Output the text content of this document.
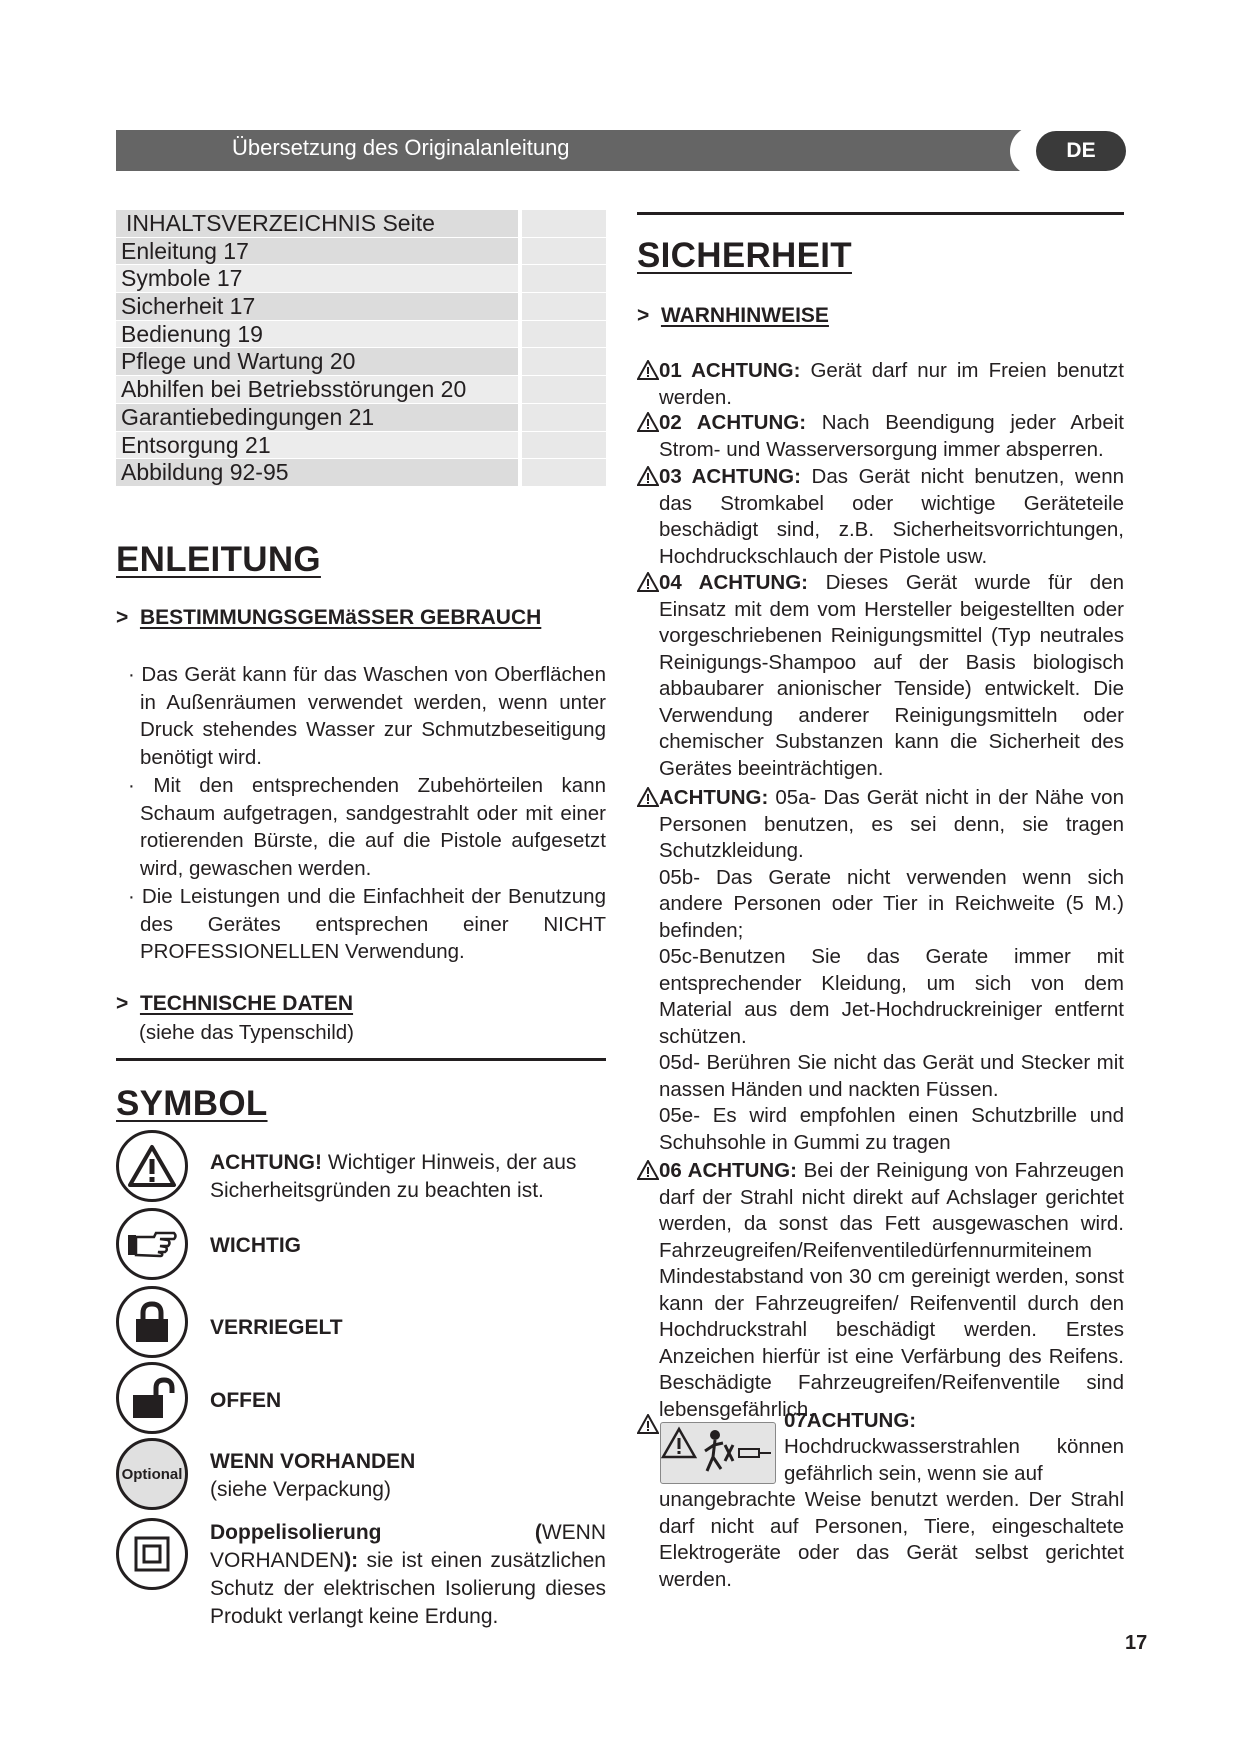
Übersetzung des Originalanleitung	DE
INHALTSVERZEICHNIS Seite
Enleitung 17
Symbole 17
Sicherheit 17
Bedienung 19
Pflege und Wartung 20
Abhilfen bei Betriebsstörungen 20
Garantiebedingungen 21
Entsorgung 21
Abbildung 92-95
ENLEITUNG
> BESTIMMUNGSGEMäSSER GEBRAUCH
· Das Gerät kann für das Waschen von Oberflächen in Außenräumen verwendet werden, wenn unter Druck stehendes Wasser zur Schmutzbeseitigung benötigt wird.
· Mit den entsprechenden Zubehörteilen kann Schaum aufgetragen, sandgestrahlt oder mit einer rotierenden Bürste, die auf die Pistole aufgesetzt wird, gewaschen werden.
· Die Leistungen und die Einfachheit der Benutzung des Gerätes entsprechen einer NICHT PROFESSIONELLEN Verwendung.
> TECHNISCHE DATEN
(siehe das Typenschild)
SYMBOL
ACHTUNG! Wichtiger Hinweis, der aus Sicherheitsgründen zu beachten ist.
WICHTIG
VERRIEGELT
OFFEN
Optional
WENN VORHANDEN
(siehe Verpackung)
Doppelisolierung (WENN VORHANDEN): sie ist einen zusätzlichen Schutz der elektrischen Isolierung dieses Produkt verlangt keine Erdung.
SICHERHEIT
> WARNHINWEISE
01 ACHTUNG: Gerät darf nur im Freien benutzt werden.
02 ACHTUNG: Nach Beendigung jeder Arbeit Strom- und Wasserversorgung immer absperren.
03 ACHTUNG: Das Gerät nicht benutzen, wenn das Stromkabel oder wichtige Geräteteile beschädigt sind, z.B. Sicherheitsvorrichtungen, Hochdruckschlauch der Pistole usw.
04 ACHTUNG: Dieses Gerät wurde für den Einsatz mit dem vom Hersteller beigestellten oder vorgeschriebenen Reinigungsmittel (Typ neutrales Reinigungs-Shampoo auf der Basis biologisch abbaubarer anionischer Tenside) entwickelt. Die Verwendung anderer Reinigungsmitteln oder chemischer Substanzen kann die Sicherheit des Gerätes beeinträchtigen.
ACHTUNG: 05a- Das Gerät nicht in der Nähe von Personen benutzen, es sei denn, sie tragen Schutzkleidung.
05b- Das Gerate nicht verwenden wenn sich andere Personen oder Tier in Reichweite (5 M.) befinden;
05c-Benutzen Sie das Gerate immer mit entsprechender Kleidung, um sich von dem Material aus dem Jet-Hochdruckreiniger entfernt schützen.
05d- Berühren Sie nicht das Gerät und Stecker mit nassen Händen und nackten Füssen.
05e- Es wird empfohlen einen Schutzbrille und Schuhsohle in Gummi zu tragen
06 ACHTUNG: Bei der Reinigung von Fahrzeugen darf der Strahl nicht direkt auf Achslager gerichtet werden, da sonst das Fett ausgewaschen wird. Fahrzeugreifen/Reifenventiledürfennurmiteinem Mindestabstand von 30 cm gereinigt werden, sonst kann der Fahrzeugreifen/ Reifenventil durch den Hochdruckstrahl beschädigt werden. Erstes Anzeichen hierfür ist eine Verfärbung des Reifens. Beschädigte Fahrzeugreifen/Reifenventile sind lebensgefährlich.
07ACHTUNG:
Hochdruckwasserstrahlen können gefährlich sein, wenn sie auf
unangebrachte Weise benutzt werden. Der Strahl darf nicht auf Personen, Tiere, eingeschaltete Elektrogeräte oder das Gerät selbst gerichtet werden.
17
